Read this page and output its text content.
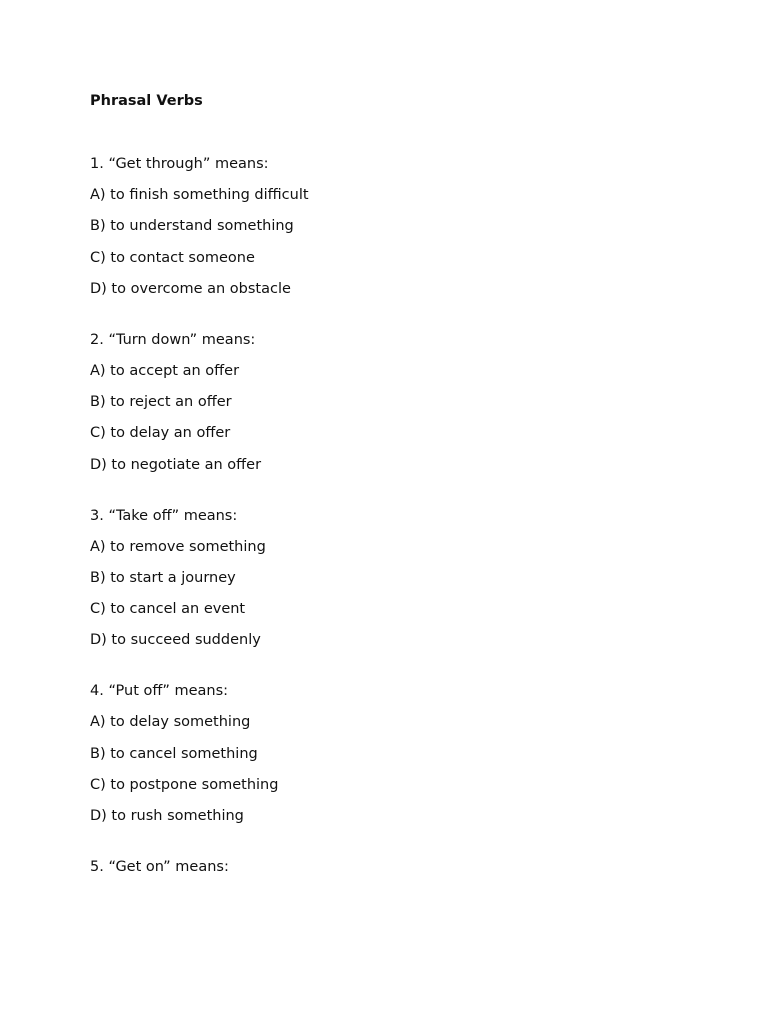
Phrasal Verbs
1. “Get through” means:
A) to finish something difficult
B) to understand something
C) to contact someone
D) to overcome an obstacle
2. “Turn down” means:
A) to accept an offer
B) to reject an offer
C) to delay an offer
D) to negotiate an offer
3. “Take off” means:
A) to remove something
B) to start a journey
C) to cancel an event
D) to succeed suddenly
4. “Put off” means:
A) to delay something
B) to cancel something
C) to postpone something
D) to rush something
5. “Get on” means:
